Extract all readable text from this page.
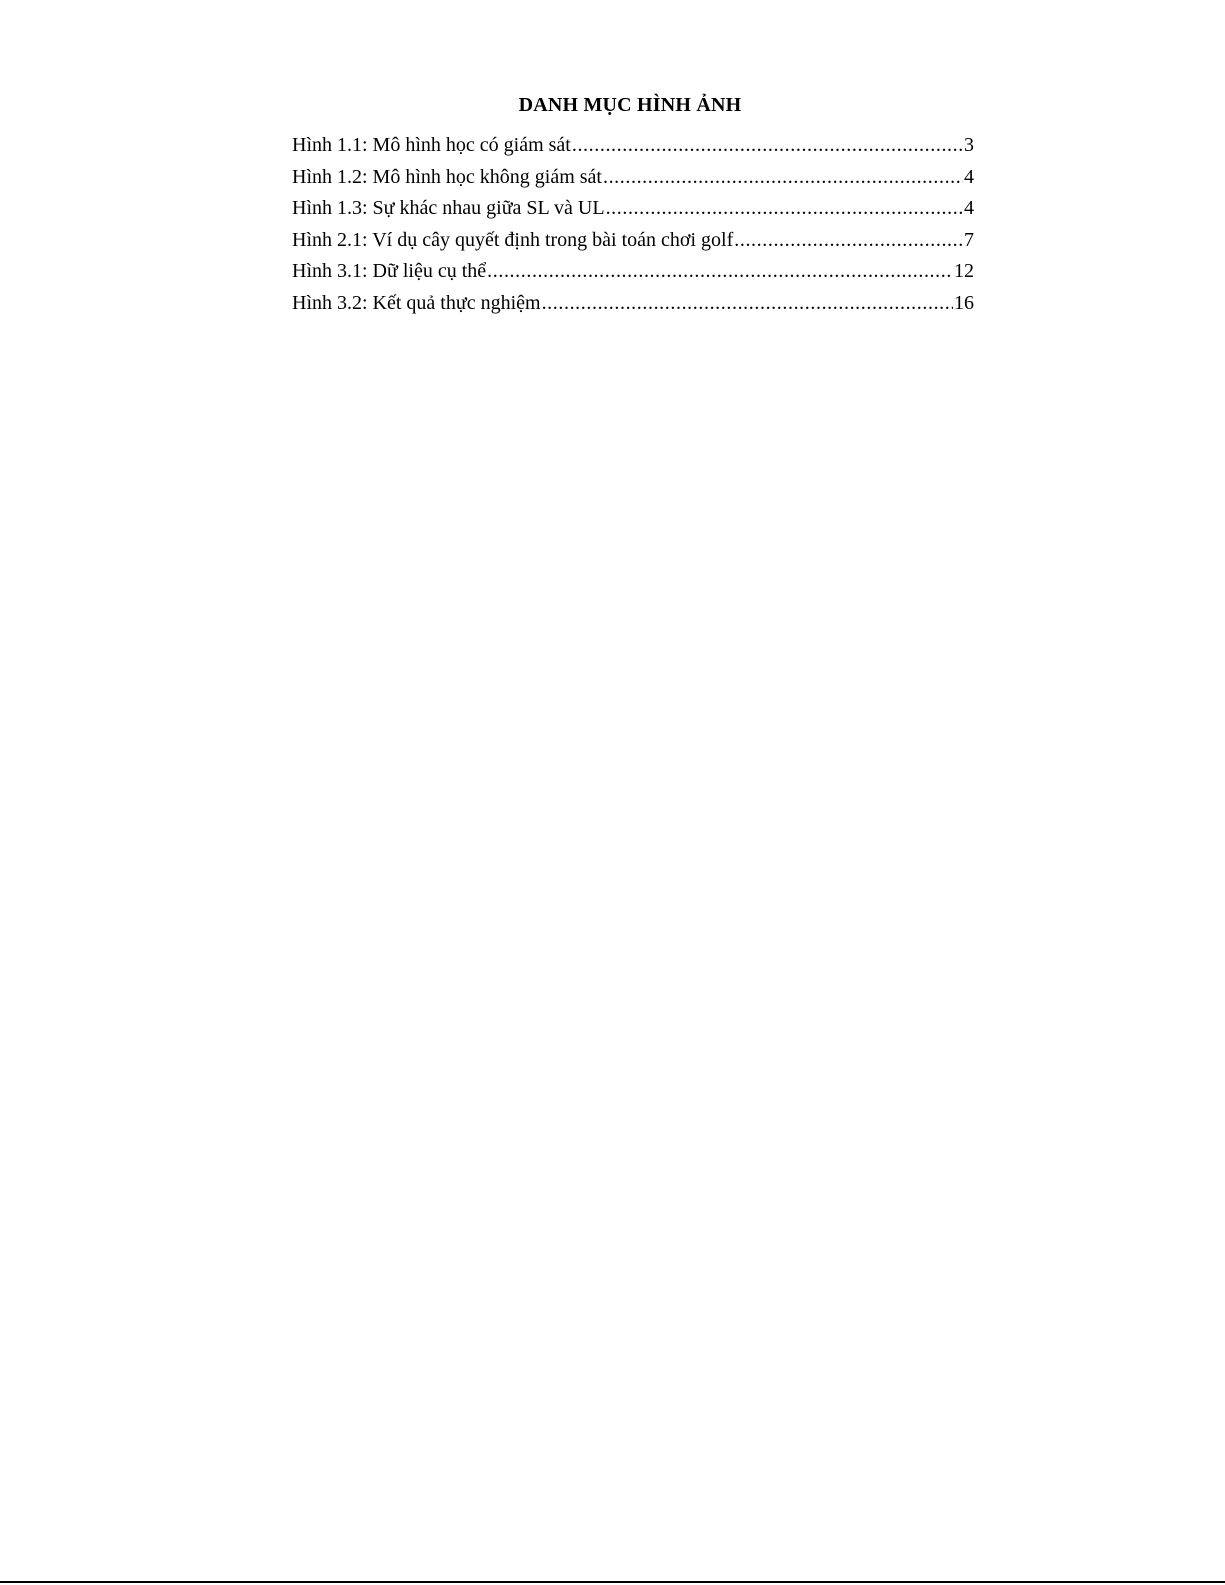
DANH MỤC HÌNH ẢNH
Hình 1.1: Mô hình học có giám sát .....	3
Hình 1.2: Mô hình học không giám sát .....	4
Hình 1.3: Sự khác nhau giữa SL và UL .....	4
Hình 2.1: Ví dụ cây quyết định trong bài toán chơi golf .....	7
Hình 3.1: Dữ liệu cụ thể .....	12
Hình 3.2: Kết quả thực nghiệm .....	16
